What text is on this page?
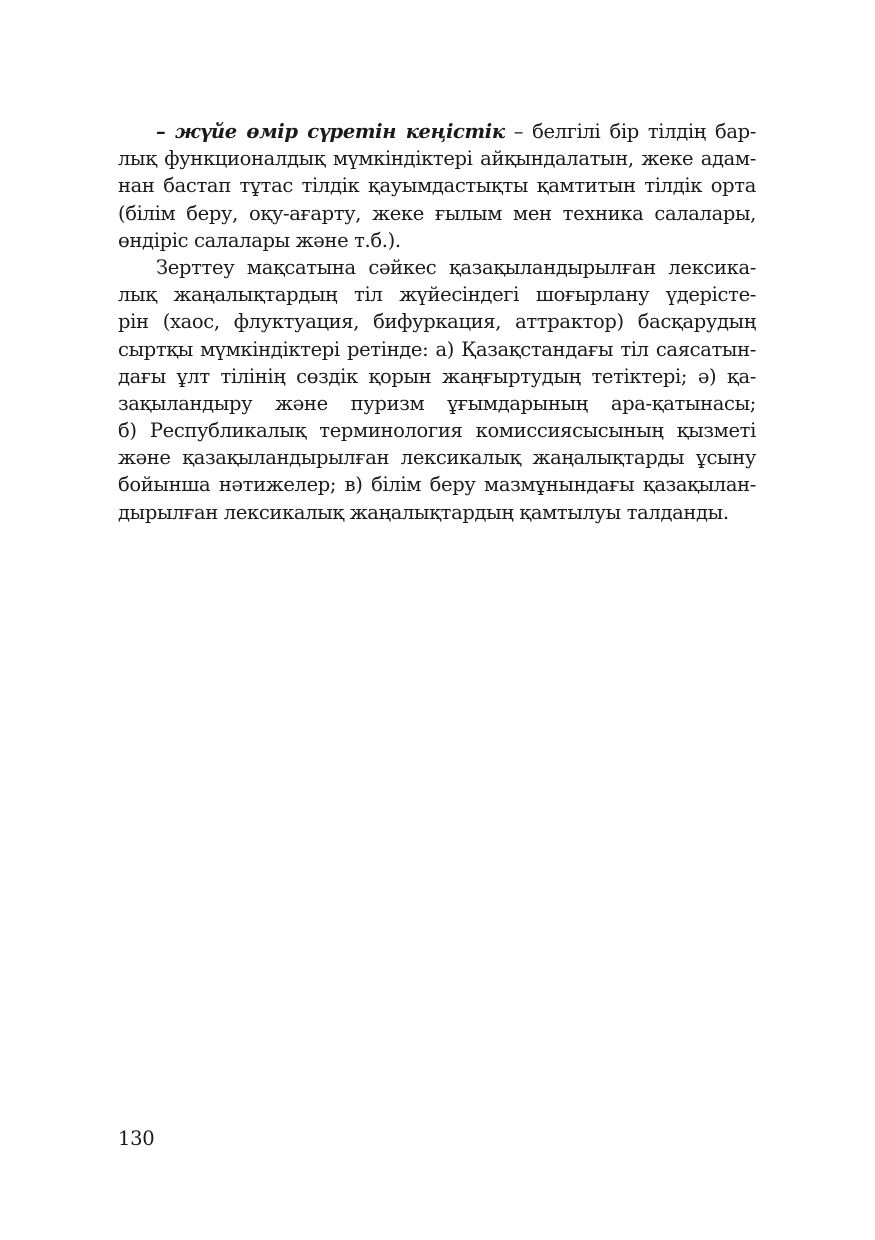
– жүйе өмір сүретін кеңістік – белгілі бір тілдің бар-
лық функционалдық мүмкіндіктері айқындалатын, жеке адам-
нан бастап тұтас тілдік қауымдастықты қамтитын тілдік орта
(білім беру, оқу-ағарту, жеке ғылым мен техника салалары,
өндіріс салалары және т.б.).
Зерттеу мақсатына сәйкес қазақыландырылған лексика-
лық жаңалықтардың тіл жүйесіндегі шоғырлану үдерісте-
рін (хаос, флуктуация, бифуркация, аттрактор) басқарудың
сыртқы мүмкіндіктері ретінде: а) Қазақстандағы тіл саясатын-
дағы ұлт тілінің сөздік қорын жаңғыртудың тетіктері; ә) қа-
зақыландыру және пуризм ұғымдарының ара-қатынасы;
б) Республикалық терминология комиссиясысының қызметі
және қазақыландырылған лексикалық жаңалықтарды ұсыну
бойынша нәтижелер; в) білім беру мазмұнындағы қазақылан-
дырылған лексикалық жаңалықтардың қамтылуы талданды.
130
